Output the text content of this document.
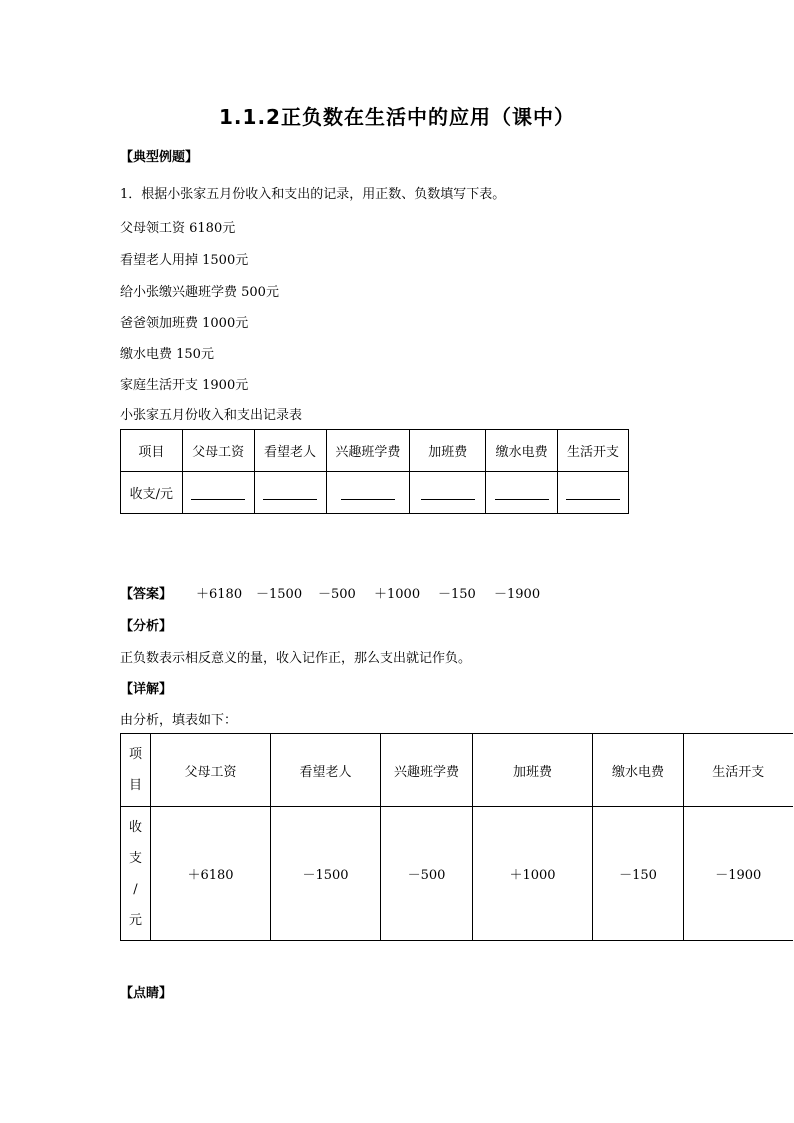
1.1.2正负数在生活中的应用（课中）
【典型例题】
1．根据小张家五月份收入和支出的记录，用正数、负数填写下表。
父母领工资 6180元
看望老人用掉 1500元
给小张缴兴趣班学费 500元
爸爸领加班费 1000元
缴水电费 150元
家庭生活开支 1900元
小张家五月份收入和支出记录表
项目	父母工资	看望老人	兴趣班学费	加班费	缴水电费	生活开支
收支/元						
【答案】	＋6180	－1500	－500	＋1000	－150	－1900
【分析】
正负数表示相反意义的量，收入记作正，那么支出就记作负。
【详解】
由分析，填表如下：
项
目	父母工资	看望老人	兴趣班学费	加班费	缴水电费	生活开支

收
支
/
元	＋6180	－1500	－500	＋1000	－150	－1900
【点睛】
